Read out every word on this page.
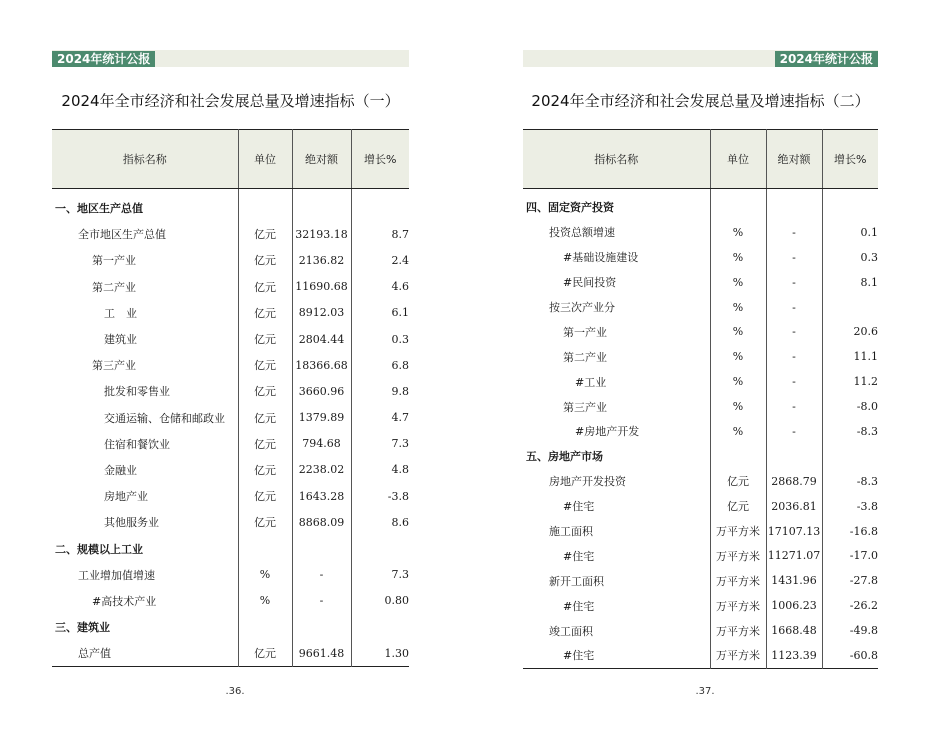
2024年统计公报
2024年全市经济和社会发展总量及增速指标（一）
指标名称	单位	绝对额	增长%
一、地区生产总值			
全市地区生产总值	亿元	32193.18	8.7
第一产业	亿元	2136.82	2.4
第二产业	亿元	11690.68	4.6
工　业	亿元	8912.03	6.1
建筑业	亿元	2804.44	0.3
第三产业	亿元	18366.68	6.8
批发和零售业	亿元	3660.96	9.8
交通运输、仓储和邮政业	亿元	1379.89	4.7
住宿和餐饮业	亿元	794.68	7.3
金融业	亿元	2238.02	4.8
房地产业	亿元	1643.28	-3.8
其他服务业	亿元	8868.09	8.6
二、规模以上工业			
工业增加值增速	%	-	7.3
#高技术产业	%	-	0.80
三、建筑业			
总产值	亿元	9661.48	1.30
.36.
2024年统计公报
2024年全市经济和社会发展总量及增速指标（二）
指标名称	单位	绝对额	增长%
四、固定资产投资			
投资总额增速	%	-	0.1
#基础设施建设	%	-	0.3
#民间投资	%	-	8.1
按三次产业分	%	-	
第一产业	%	-	20.6
第二产业	%	-	11.1
#工业	%	-	11.2
第三产业	%	-	-8.0
#房地产开发	%	-	-8.3
五、房地产市场			
房地产开发投资	亿元	2868.79	-8.3
#住宅	亿元	2036.81	-3.8
施工面积	万平方米	17107.13	-16.8
#住宅	万平方米	11271.07	-17.0
新开工面积	万平方米	1431.96	-27.8
#住宅	万平方米	1006.23	-26.2
竣工面积	万平方米	1668.48	-49.8
#住宅	万平方米	1123.39	-60.8
.37.
